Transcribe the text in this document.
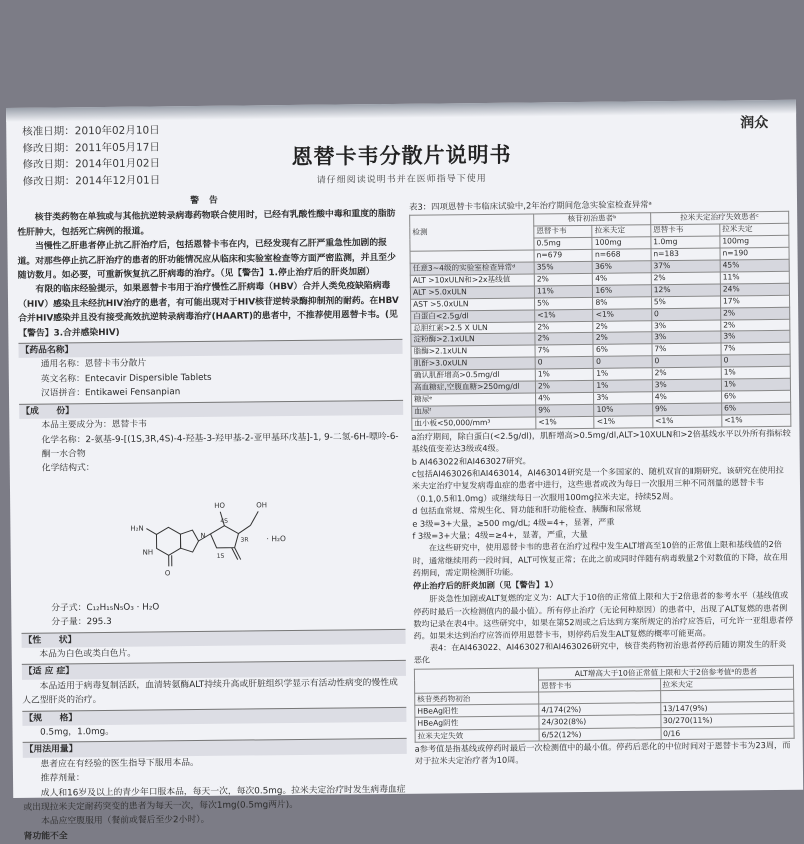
核准日期：2010年02月10日
修改日期：2011年05月17日
修改日期：2014年01月02日
修改日期：2014年12月01日
润众
恩替卡韦分散片说明书
请仔细阅读说明书并在医师指导下使用
警告
核苷类药物在单独或与其他抗逆转录病毒药物联合使用时，已经有乳酸性酸中毒和重度的脂肪性肝肿大，包括死亡病例的报道。
当慢性乙肝患者停止抗乙肝治疗后，包括恩替卡韦在内，已经发现有乙肝严重急性加剧的报道。对那些停止抗乙肝治疗的患者的肝功能情况应从临床和实验室检查等方面严密监测，并且至少随访数月。如必要，可重新恢复抗乙肝病毒的治疗。（见【警告】1.停止治疗后的肝炎加剧）
有限的临床经验提示，如果恩替卡韦用于治疗慢性乙肝病毒（HBV）合并人类免疫缺陷病毒（HIV）感染且未经抗HIV治疗的患者，有可能出现对于HIV核苷逆转录酶抑制剂的耐药。在HBV合并HIV感染并且没有接受高效抗逆转录病毒治疗(HAART)的患者中，不推荐使用恩替卡韦。(见【警告】3.合并感染HIV)
【药品名称】
通用名称：恩替卡韦分散片
英文名称：Entecavir Dispersible Tablets
汉语拼音：Entikawei Fensanpian
【成　　份】
本品主要成分为：恩替卡韦
化学名称：2-氨基-9-[(1S,3R,4S)-4-羟基-3-羟甲基-2-亚甲基环戊基]-1, 9-二氢-6H-嘌呤-6-酮一水合物
化学结构式：
HO	OH
H₂N
O
NH
N
1S
3R
4S
· H₂O
分子式：C₁₂H₁₅N₅O₃ · H₂O
分子量：295.3
【性　　状】
本品为白色或类白色片。
【适 应 症】
本品适用于病毒复制活跃，血清转氨酶ALT持续升高或肝脏组织学显示有活动性病变的慢性成人乙型肝炎的治疗。
【规　　格】
0.5mg，1.0mg。
【用法用量】
患者应在有经验的医生指导下服用本品。
推荐剂量：
成人和16岁及以上的青少年口服本品，每天一次，每次0.5mg。拉米夫定治疗时发生病毒血症或出现拉米夫定耐药突变的患者为每天一次，每次1mg(0.5mg两片)。
本品应空腹服用（餐前或餐后至少2小时）。
肾功能不全
表3：四项恩替卡韦临床试验中,2年治疗期间危急实验室检查异常ᵃ
检测	核苷初治患者ᵇ		拉米夫定治疗失效患者ᶜ	
	恩替卡韦	拉米夫定	恩替卡韦	拉米夫定
	0.5mg	100mg	1.0mg	100mg
	n=679	n=668	n=183	n=190
任意3~4级的实验室检查异常ᵈ	35%	36%	37%	45%
ALT >10xULN和>2x基线值	2%	4%	2%	11%
ALT >5.0xULN	11%	16%	12%	24%
AST >5.0xULN	5%	8%	5%	17%
白蛋白<2.5g/dl	<1%	<1%	0	2%
总胆红素>2.5 X ULN	2%	2%	3%	2%
淀粉酶>2.1xULN	2%	2%	3%	3%
脂酶>2.1xULN	7%	6%	7%	7%
肌酐>3.0xULN	0	0	0	0
确认肌酐增高>0.5mg/dl	1%	1%	2%	1%
高血糖症,空腹血糖>250mg/dl	2%	1%	3%	1%
糖尿ᵉ	4%	3%	4%	6%
血尿ᶠ	9%	10%	9%	6%
血小板<50,000/mm³	<1%	<1%	<1%	<1%
a治疗期间，除白蛋白(<2.5g/dl)，肌酐增高>0.5mg/dl,ALT>10XULN和>2倍基线水平以外所有指标较基线值变差达3级或4级。
b AI463022和AI463027研究。
c包括AI463026和AI463014，AI463014研究是一个多国家的、随机双盲的Ⅱ期研究。该研究在使用拉米夫定治疗中复发病毒血症的患者中进行，这些患者或改为每日一次服用三种不同剂量的恩替卡韦（0.1,0.5和1.0mg）或继续每日一次服用100mg拉米夫定，持续52周。
d 包括血常规、常规生化、肾功能和肝功能检查、胰酶和尿常规
e 3级=3+大量，≥500 mg/dL; 4级=4+，显著，严重
f 3级=3+大量；4级=≥4+，显著，严重，大量
在这些研究中，使用恩替卡韦的患者在治疗过程中发生ALT增高至10倍的正常值上限和基线值的2倍时，通常继续用药一段时间，ALT可恢复正常；在此之前或同时伴随有病毒载量2个对数值的下降，故在用药期间，需定期检测肝功能。
停止治疗后的肝炎加剧（见【警告】1）
肝炎急性加剧或ALT复燃的定义为：ALT大于10倍的正常值上限和大于2倍患者的参考水平（基线值或停药时最后一次检测值内的最小值）。所有停止治疗（无论何种原因）的患者中，出现了ALT复燃的患者例数均记录在表4中。这些研究中，如果在第52周或之后达到方案所规定的治疗应答后，可允许一亚组患者停药。如果未达到治疗应答而停用恩替卡韦，则停药后发生ALT复燃的概率可能更高。
表4：在AI463022、AI463027和AI463026研究中，核苷类药物初治患者停药后随访期发生的肝炎恶化
	ALT增高大于10倍正常值上限和大于2倍参考值ᵃ的患者	
	恩替卡韦	拉米夫定
核苷类药物初治		
HBeAg阳性	4/174(2%)	13/147(9%)
HBeAg阴性	24/302(8%)	30/270(11%)
拉米夫定失效	6/52(12%)	0/16
a参考值是指基线或停药时最后一次检测值中的最小值。停药后恶化的中位时间对于恩替卡韦为23周，而对于拉米夫定治疗者为10周。
